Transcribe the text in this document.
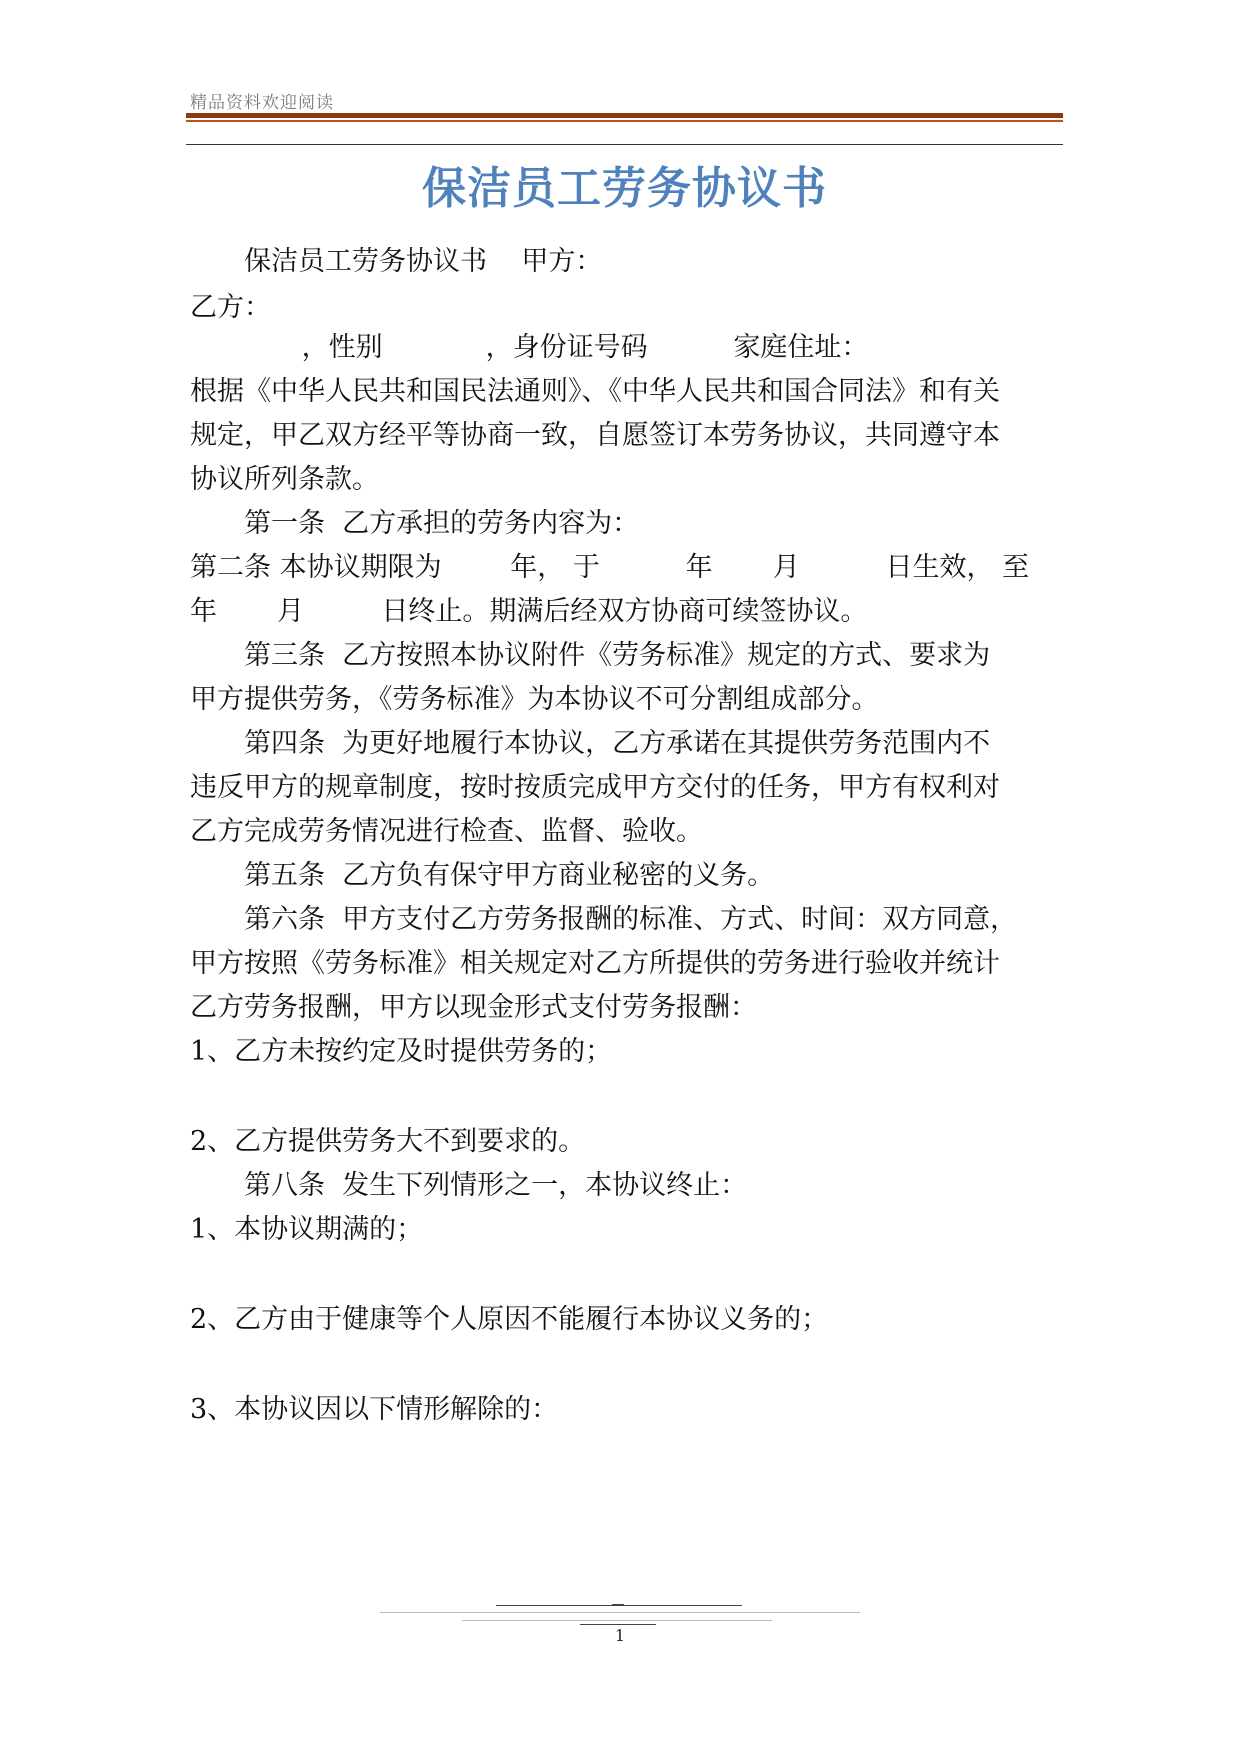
精品资料欢迎阅读
保洁员工劳务协议书
保洁员工劳务协议书    甲方：
乙方：
，性别            ，身份证号码          家庭住址：
根据《中华人民共和国民法通则》、《中华人民共和国合同法》和有关
规定，甲乙双方经平等协商一致，自愿签订本劳务协议，共同遵守本
协议所列条款。
第一条  乙方承担的劳务内容为：
第二条 本协议期限为        年， 于          年       月          日生效， 至
年       月         日终止。期满后经双方协商可续签协议。
第三条  乙方按照本协议附件《劳务标准》规定的方式、要求为
甲方提供劳务，《劳务标准》为本协议不可分割组成部分。
第四条  为更好地履行本协议，乙方承诺在其提供劳务范围内不
违反甲方的规章制度，按时按质完成甲方交付的任务，甲方有权利对
乙方完成劳务情况进行检查、监督、验收。
第五条  乙方负有保守甲方商业秘密的义务。
第六条  甲方支付乙方劳务报酬的标准、方式、时间：双方同意，
甲方按照《劳务标准》相关规定对乙方所提供的劳务进行验收并统计
乙方劳务报酬，甲方以现金形式支付劳务报酬：
1、乙方未按约定及时提供劳务的；
2、乙方提供劳务大不到要求的。
第八条  发生下列情形之一，本协议终止：
1、本协议期满的；
2、乙方由于健康等个人原因不能履行本协议义务的；
3、本协议因以下情形解除的：
1
